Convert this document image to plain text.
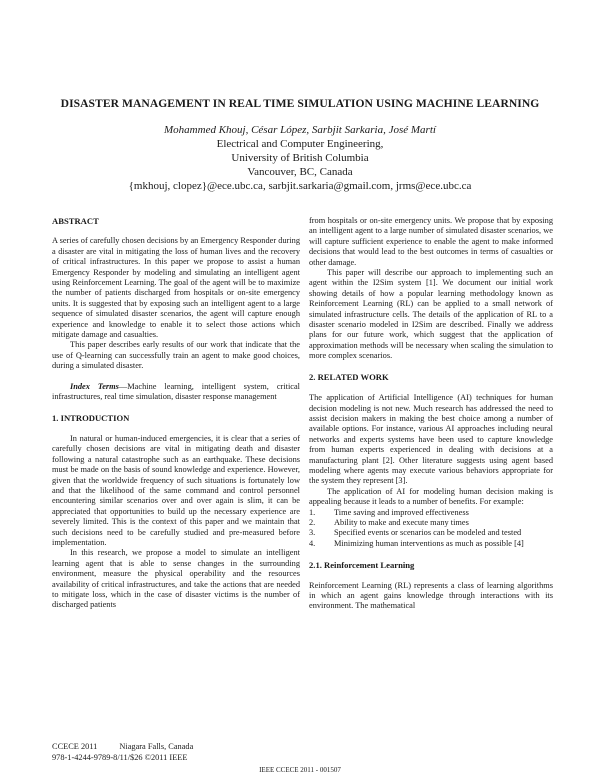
DISASTER MANAGEMENT IN REAL TIME SIMULATION USING MACHINE LEARNING
Mohammed Khouj, César López, Sarbjit Sarkaria, José Martí
Electrical and Computer Engineering,
University of British Columbia
Vancouver, BC, Canada
{mkhouj, clopez}@ece.ubc.ca, sarbjit.sarkaria@gmail.com, jrms@ece.ubc.ca

ABSTRACT

A series of carefully chosen decisions by an Emergency Responder during a disaster are vital in mitigating the loss of human lives and the recovery of critical infrastructures. In this paper we propose to assist a human Emergency Responder by modeling and simulating an intelligent agent using Reinforcement Learning. The goal of the agent will be to maximize the number of patients discharged from hospitals or on-site emergency units. It is suggested that by exposing such an intelligent agent to a large sequence of simulated disaster scenarios, the agent will capture enough experience and knowledge to enable it to select those actions which mitigate damage and casualties.

This paper describes early results of our work that indicate that the use of Q-learning can successfully train an agent to make good choices, during a simulated disaster.

Index Terms—Machine learning, intelligent system, critical infrastructures, real time simulation, disaster response management

1. INTRODUCTION

In natural or human-induced emergencies, it is clear that a series of carefully chosen decisions are vital in mitigating death and disaster following a natural catastrophe such as an earthquake. These decisions must be made on the basis of sound knowledge and experience. However, given that the worldwide frequency of such situations is fortunately low and that the likelihood of the same command and control personnel encountering similar scenarios over and over again is slim, it can be appreciated that opportunities to build up the necessary experience are severely limited. This is the context of this paper and we maintain that such decisions need to be carefully studied and pre-measured before implementation.

In this research, we propose a model to simulate an intelligent learning agent that is able to sense changes in the surrounding environment, measure the physical operability and the resources availability of critical infrastructures, and take the actions that are needed to mitigate loss, which in the case of disaster victims is the number of discharged patients

from hospitals or on-site emergency units. We propose that by exposing an intelligent agent to a large number of simulated disaster scenarios, we will capture sufficient experience to enable the agent to make informed decisions that would lead to the best outcomes in terms of casualties or other damage.

This paper will describe our approach to implementing such an agent within the I2Sim system [1]. We document our initial work showing details of how a popular learning methodology known as Reinforcement Learning (RL) can be applied to a small network of simulated infrastructure cells. The details of the application of RL to a disaster scenario modeled in I2Sim are described. Finally we address plans for our future work, which suggest that the application of approximation methods will be necessary when scaling the simulation to more complex scenarios.

2. RELATED WORK

The application of Artificial Intelligence (AI) techniques for human decision modeling is not new. Much research has addressed the need to assist decision makers in making the best choice among a number of available options. For instance, various AI approaches including neural networks and experts systems have been used to capture knowledge from human experts experienced in dealing with decisions at a manufacturing plant [2]. Other literature suggests using agent based modeling where agents may execute various behaviors appropriate for the system they represent [3].

The application of AI for modeling human decision making is appealing because it leads to a number of benefits. For example:

1. Time saving and improved effectiveness
2. Ability to make and execute many times
3. Specified events or scenarios can be modeled and tested
4. Minimizing human interventions as much as possible [4]

2.1. Reinforcement Learning

Reinforcement Learning (RL) represents a class of learning algorithms in which an agent gains knowledge through interactions with its environment. The mathematical

CCECE 2011	Niagara Falls, Canada
978-1-4244-9789-8/11/$26 ©2011 IEEE
IEEE CCECE 2011 - 001507
